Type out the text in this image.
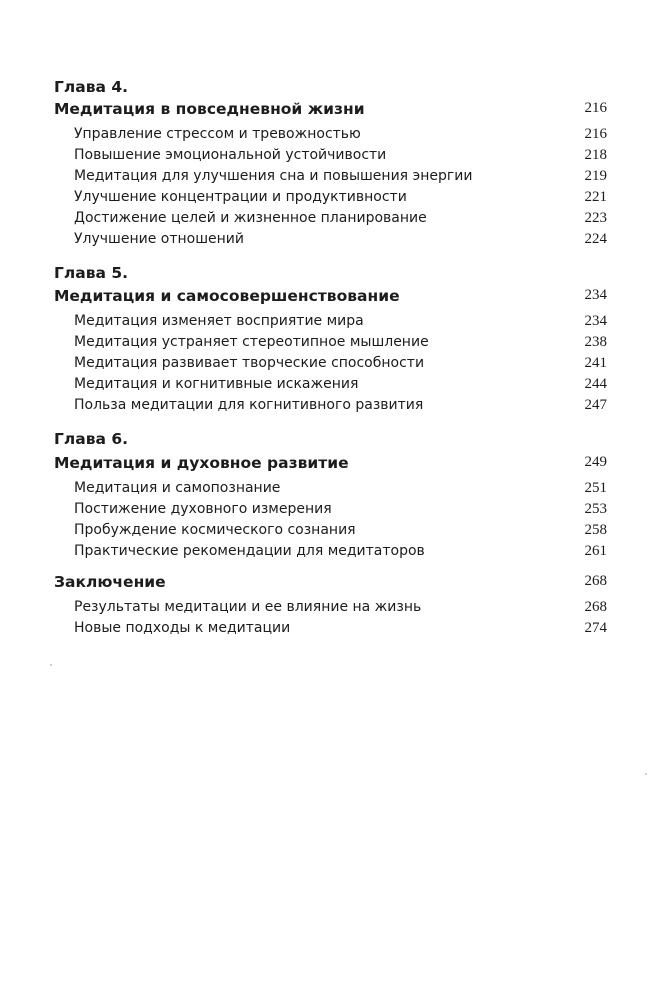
Глава 4.
Медитация в повседневной жизни	216
Управление стрессом и тревожностью	216
Повышение эмоциональной устойчивости	218
Медитация для улучшения сна и повышения энергии	219
Улучшение концентрации и продуктивности	221
Достижение целей и жизненное планирование	223
Улучшение отношений	224
Глава 5.
Медитация и самосовершенствование	234
Медитация изменяет восприятие мира	234
Медитация устраняет стереотипное мышление	238
Медитация развивает творческие способности	241
Медитация и когнитивные искажения	244
Польза медитации для когнитивного развития	247
Глава 6.
Медитация и духовное развитие	249
Медитация и самопознание	251
Постижение духовного измерения	253
Пробуждение космического сознания	258
Практические рекомендации для медитаторов	261
Заключение	268
Результаты медитации и ее влияние на жизнь	268
Новые подходы к медитации	274
